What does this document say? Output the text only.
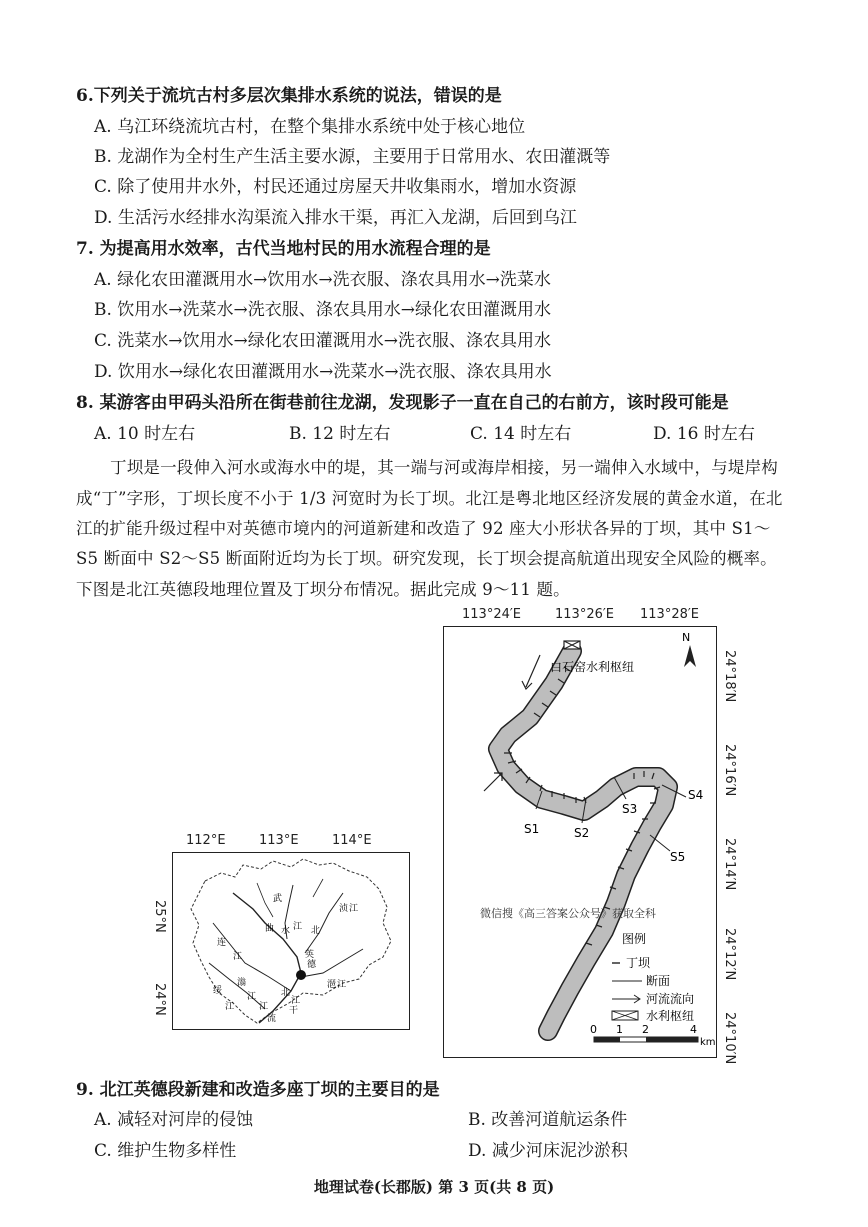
6.下列关于流坑古村多层次集排水系统的说法，错误的是
A. 乌江环绕流坑古村，在整个集排水系统中处于核心地位
B. 龙湖作为全村生产生活主要水源，主要用于日常用水、农田灌溉等
C. 除了使用井水外，村民还通过房屋天井收集雨水，增加水资源
D. 生活污水经排水沟渠流入排水干渠，再汇入龙湖，后回到乌江
7. 为提高用水效率，古代当地村民的用水流程合理的是
A. 绿化农田灌溉用水→饮用水→洗衣服、涤农具用水→洗菜水
B. 饮用水→洗菜水→洗衣服、涤农具用水→绿化农田灌溉用水
C. 洗菜水→饮用水→绿化农田灌溉用水→洗衣服、涤农具用水
D. 饮用水→绿化农田灌溉用水→洗菜水→洗衣服、涤农具用水
8. 某游客由甲码头沿所在街巷前往龙湖，发现影子一直在自己的右前方，该时段可能是
A. 10 时左右	B. 12 时左右	C. 14 时左右	D. 16 时左右
丁坝是一段伸入河水或海水中的堤，其一端与河或海岸相接，另一端伸入水域中，与堤岸构
成“丁”字形，丁坝长度不小于 1/3 河宽时为长丁坝。北江是粤北地区经济发展的黄金水道，在北
江的扩能升级过程中对英德市境内的河道新建和改造了 92 座大小形状各异的丁坝，其中 S1～
S5 断面中 S2～S5 断面附近均为长丁坝。研究发现，长丁坝会提高航道出现安全风险的概率。
下图是北江英德段地理位置及丁坝分布情况。据此完成 9～11 题。
112°E	113°E	114°E
25°N
24°N
武
水
曲 江 北
浈 江
连
江
滃
江
英
德
绥
江
北
江
潖 江
江
流
干
113°24′E	113°26′E 113°28′E
24°18′N
24°16′N
24°14′N
24°12′N
24°10′N
白石窑水利枢纽
N
S1	S2
S3
S4
S5
微信搜《高三答案公众号》获取全科
图例
丁坝
断面
河流流向
水利枢纽
0 1 2	4
km
9. 北江英德段新建和改造多座丁坝的主要目的是
A. 减轻对河岸的侵蚀	B. 改善河道航运条件
C. 维护生物多样性	D. 减少河床泥沙淤积
地理试卷(长郡版) 第 3 页(共 8 页)
